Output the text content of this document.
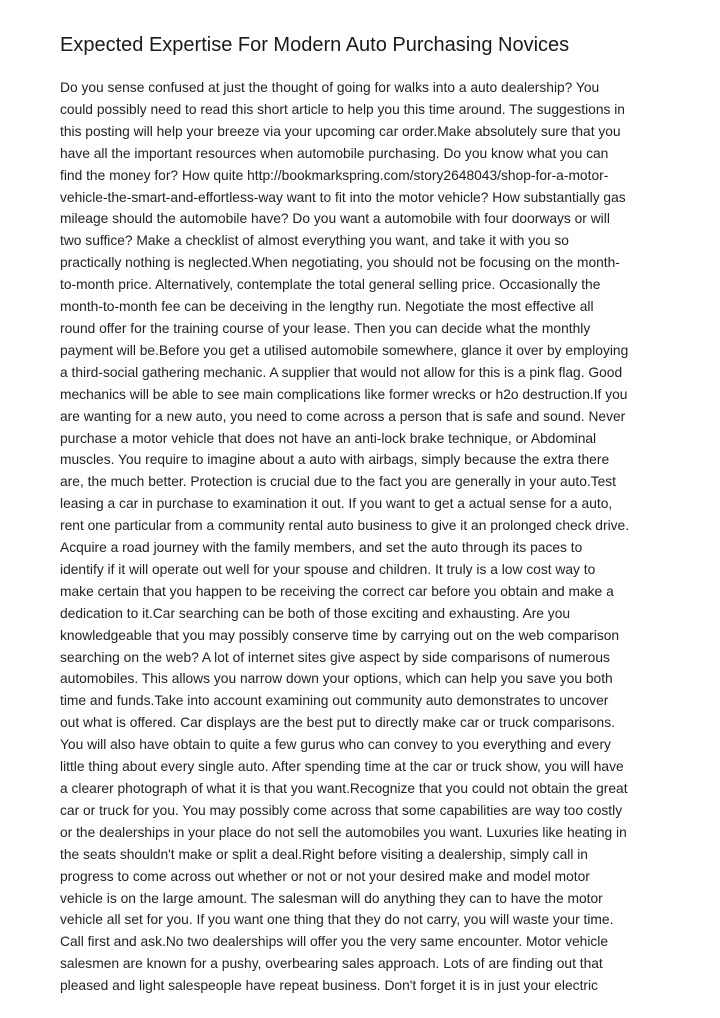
Expected Expertise For Modern Auto Purchasing Novices
Do you sense confused at just the thought of going for walks into a auto dealership? You
could possibly need to read this short article to help you this time around. The suggestions in
this posting will help your breeze via your upcoming car order.Make absolutely sure that you
have all the important resources when automobile purchasing. Do you know what you can
find the money for? How quite http://bookmarkspring.com/story2648043/shop-for-a-motor-
vehicle-the-smart-and-effortless-way want to fit into the motor vehicle? How substantially gas
mileage should the automobile have? Do you want a automobile with four doorways or will
two suffice? Make a checklist of almost everything you want, and take it with you so
practically nothing is neglected.When negotiating, you should not be focusing on the month-
to-month price. Alternatively, contemplate the total general selling price. Occasionally the
month-to-month fee can be deceiving in the lengthy run. Negotiate the most effective all
round offer for the training course of your lease. Then you can decide what the monthly
payment will be.Before you get a utilised automobile somewhere, glance it over by employing
a third-social gathering mechanic. A supplier that would not allow for this is a pink flag. Good
mechanics will be able to see main complications like former wrecks or h2o destruction.If you
are wanting for a new auto, you need to come across a person that is safe and sound. Never
purchase a motor vehicle that does not have an anti-lock brake technique, or Abdominal
muscles. You require to imagine about a auto with airbags, simply because the extra there
are, the much better. Protection is crucial due to the fact you are generally in your auto.Test
leasing a car in purchase to examination it out. If you want to get a actual sense for a auto,
rent one particular from a community rental auto business to give it an prolonged check drive.
Acquire a road journey with the family members, and set the auto through its paces to
identify if it will operate out well for your spouse and children. It truly is a low cost way to
make certain that you happen to be receiving the correct car before you obtain and make a
dedication to it.Car searching can be both of those exciting and exhausting. Are you
knowledgeable that you may possibly conserve time by carrying out on the web comparison
searching on the web? A lot of internet sites give aspect by side comparisons of numerous
automobiles. This allows you narrow down your options, which can help you save you both
time and funds.Take into account examining out community auto demonstrates to uncover
out what is offered. Car displays are the best put to directly make car or truck comparisons.
You will also have obtain to quite a few gurus who can convey to you everything and every
little thing about every single auto. After spending time at the car or truck show, you will have
a clearer photograph of what it is that you want.Recognize that you could not obtain the great
car or truck for you. You may possibly come across that some capabilities are way too costly
or the dealerships in your place do not sell the automobiles you want. Luxuries like heating in
the seats shouldn't make or split a deal.Right before visiting a dealership, simply call in
progress to come across out whether or not or not your desired make and model motor
vehicle is on the large amount. The salesman will do anything they can to have the motor
vehicle all set for you. If you want one thing that they do not carry, you will waste your time.
Call first and ask.No two dealerships will offer you the very same encounter. Motor vehicle
salesmen are known for a pushy, overbearing sales approach. Lots of are finding out that
pleased and light salespeople have repeat business. Don't forget it is in just your electric
